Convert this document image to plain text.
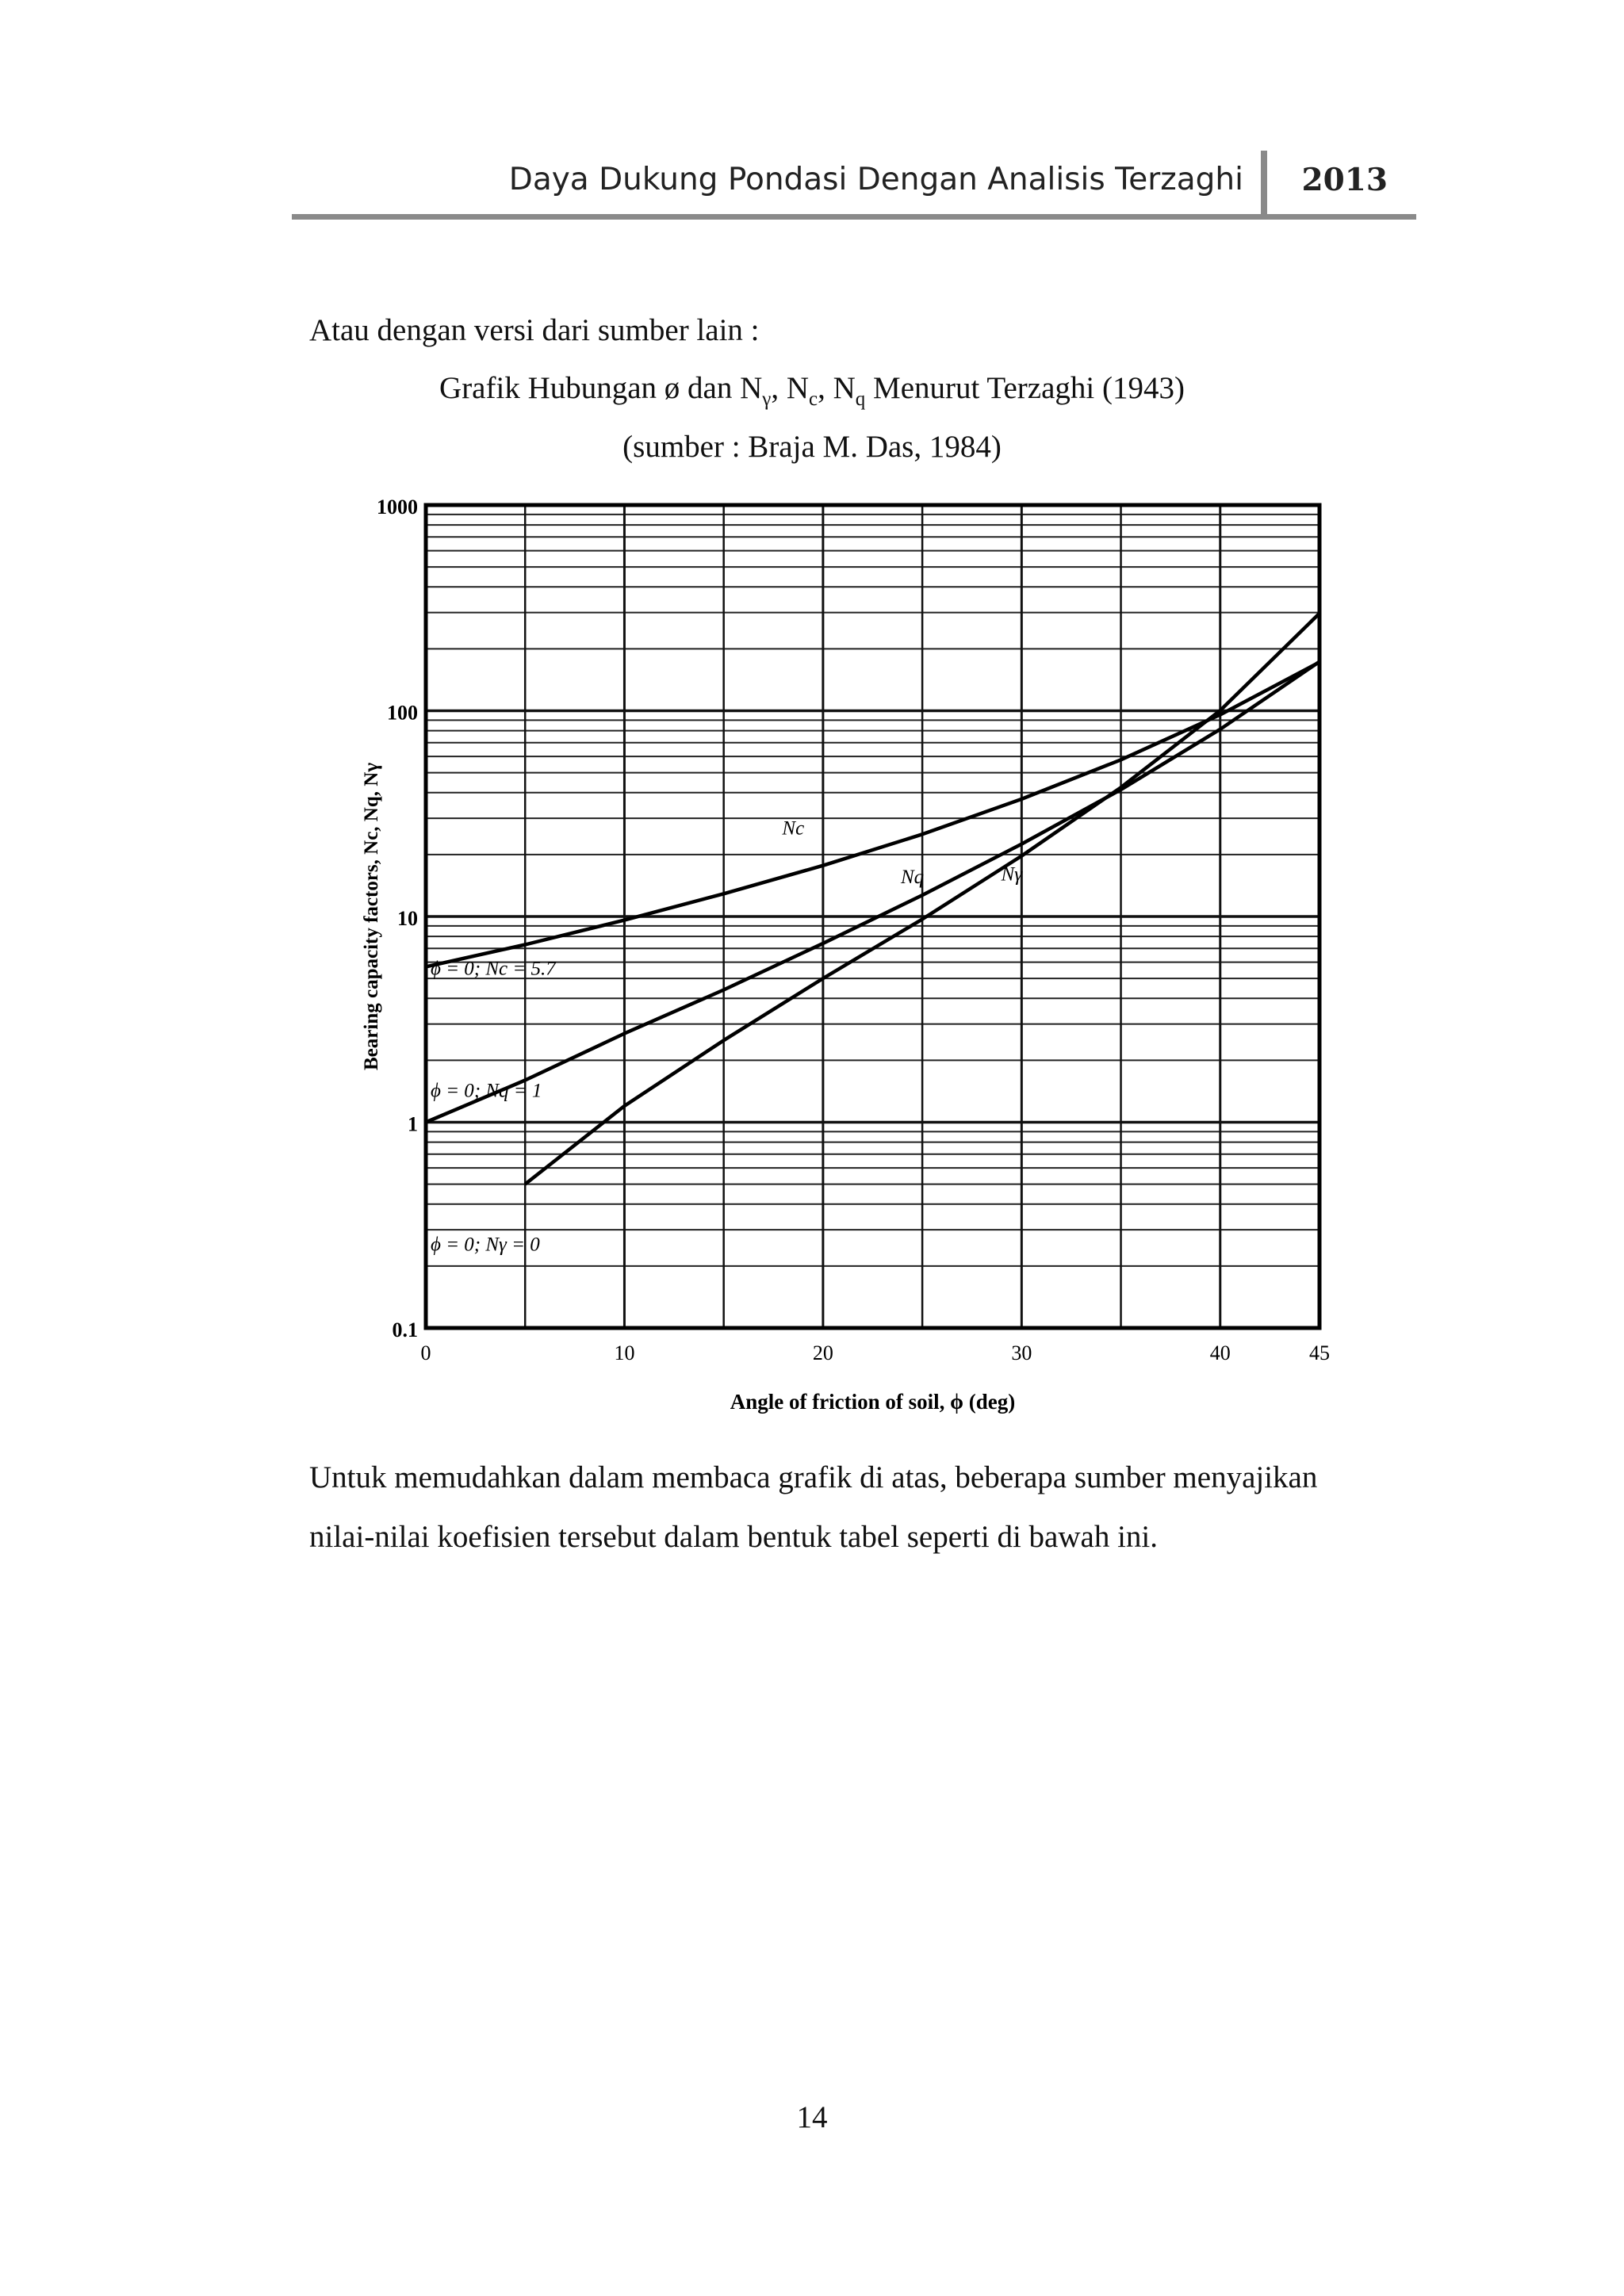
Daya Dukung Pondasi Dengan Analisis Terzaghi 2013
Atau dengan versi dari sumber lain :
Grafik Hubungan ø dan $N_\gamma$, $N_c$, $N_q$ Menurut Terzaghi (1943)
(sumber : Braja M. Das, 1984)
0.1
1
10
100
1000
0	10	20	30	40	45
Nc
Nq	Nγ
ϕ = 0; Nc = 5.7
ϕ = 0; Nq = 1
ϕ = 0; Nγ = 0
Angle of friction of soil, ϕ (deg)
Bearing capacity factors, Nc, Nq, Nγ
Untuk memudahkan dalam membaca grafik di atas, beberapa sumber menyajikan
nilai-nilai koefisien tersebut dalam bentuk tabel seperti di bawah ini.
14
